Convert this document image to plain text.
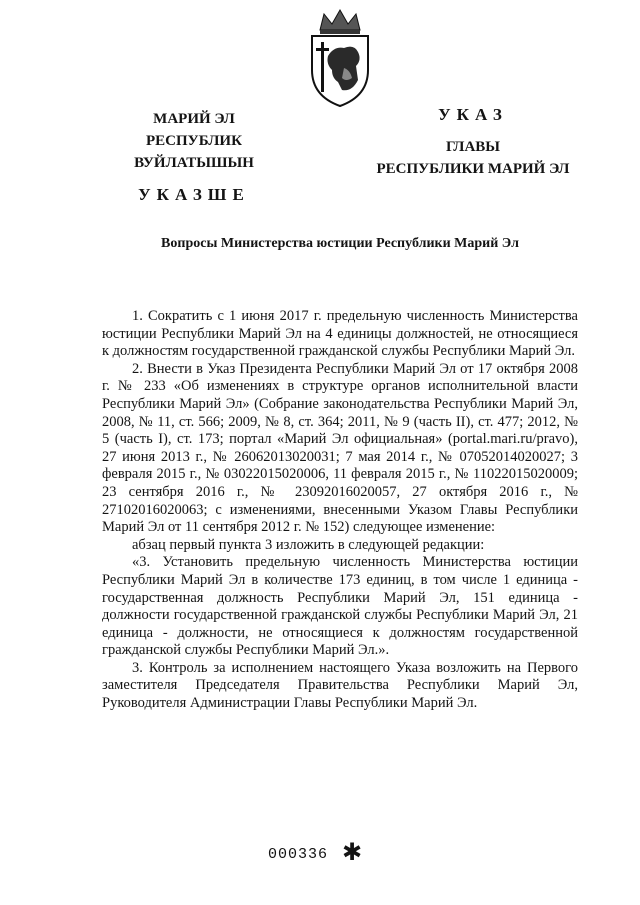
МАРИЙ ЭЛ РЕСПУБЛИК
ВУЙЛАТЫШЫН
УКАЗШЕ
УКАЗ
ГЛАВЫ
РЕСПУБЛИКИ МАРИЙ ЭЛ
Вопросы Министерства юстиции Республики Марий Эл

1. Сократить с 1 июня 2017 г. предельную численность Министерства юстиции Республики Марий Эл на 4 единицы должностей, не относящиеся к должностям государственной гражданской службы Республики Марий Эл.

2. Внести в Указ Президента Республики Марий Эл от 17 октября 2008 г. № 233 «Об изменениях в структуре органов исполнительной власти Республики Марий Эл» (Собрание законодательства Республики Марий Эл, 2008, № 11, ст. 566; 2009, № 8, ст. 364; 2011, № 9 (часть II), ст. 477; 2012, № 5 (часть I), ст. 173; портал «Марий Эл официальная» (portal.mari.ru/pravo), 27 июня 2013 г., № 26062013020031; 7 мая 2014 г., № 07052014020027; 3 февраля 2015 г., № 03022015020006, 11 февраля 2015 г., № 11022015020009; 23 сентября 2016 г., № 23092016020057, 27 октября 2016 г., № 27102016020063; с изменениями, внесенными Указом Главы Республики Марий Эл от 11 сентября 2012 г. № 152) следующее изменение:

абзац первый пункта 3 изложить в следующей редакции:

«3. Установить предельную численность Министерства юстиции Республики Марий Эл в количестве 173 единиц, в том числе 1 единица - государственная должность Республики Марий Эл, 151 единица - должности государственной гражданской службы Республики Марий Эл, 21 единица - должности, не относящиеся к должностям государственной гражданской службы Республики Марий Эл.».

3. Контроль за исполнением настоящего Указа возложить на Первого заместителя Председателя Правительства Республики Марий Эл, Руководителя Администрации Главы Республики Марий Эл.

000336 ✱
